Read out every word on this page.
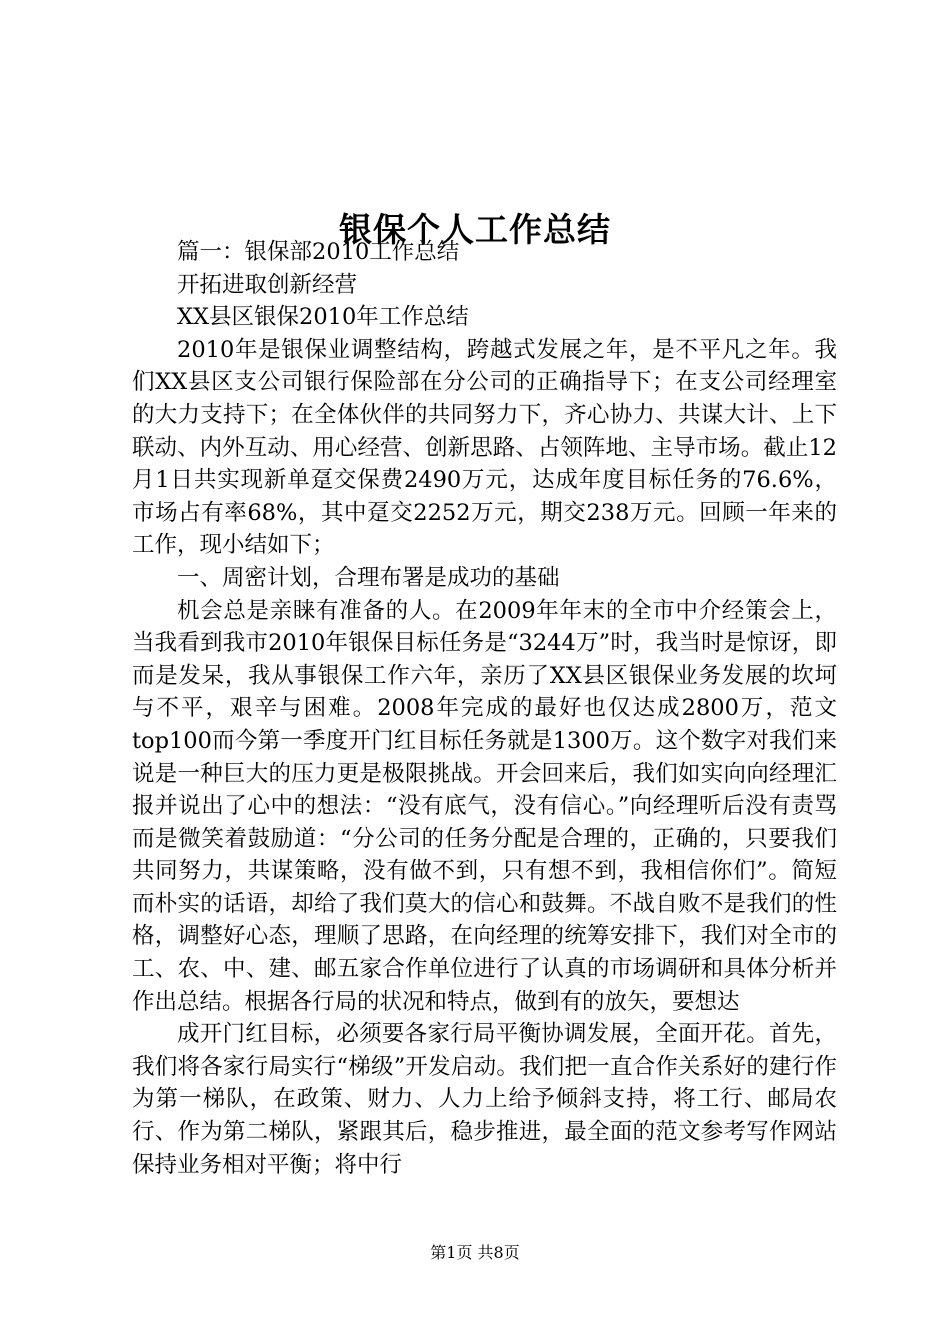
银保个人工作总结

篇一：银保部2010工作总结

开拓进取创新经营

XX县区银保2010年工作总结

2010年是银保业调整结构，跨越式发展之年，是不平凡之年。我们XX县区支公司银行保险部在分公司的正确指导下；在支公司经理室的大力支持下；在全体伙伴的共同努力下，齐心协力、共谋大计、上下联动、内外互动、用心经营、创新思路、占领阵地、主导市场。截止12月1日共实现新单趸交保费2490万元，达成年度目标任务的76.6%，市场占有率68%，其中趸交2252万元，期交238万元。回顾一年来的工作，现小结如下；

一、周密计划，合理布署是成功的基础

机会总是亲睐有准备的人。在2009年年末的全市中介经策会上，当我看到我市2010年银保目标任务是“3244万”时，我当时是惊讶，即而是发呆，我从事银保工作六年，亲历了XX县区银保业务发展的坎坷与不平，艰辛与困难。2008年完成的最好也仅达成2800万，范文top100而今第一季度开门红目标任务就是1300万。这个数字对我们来说是一种巨大的压力更是极限挑战。开会回来后，我们如实向向经理汇报并说出了心中的想法：“没有底气，没有信心。”向经理听后没有责骂而是微笑着鼓励道：“分公司的任务分配是合理的，正确的，只要我们共同努力，共谋策略，没有做不到，只有想不到，我相信你们”。简短而朴实的话语，却给了我们莫大的信心和鼓舞。不战自败不是我们的性格，调整好心态，理顺了思路，在向经理的统筹安排下，我们对全市的工、农、中、建、邮五家合作单位进行了认真的市场调研和具体分析并作出总结。根据各行局的状况和特点，做到有的放矢，要想达

成开门红目标，必须要各家行局平衡协调发展，全面开花。首先，我们将各家行局实行“梯级”开发启动。我们把一直合作关系好的建行作为第一梯队，在政策、财力、人力上给予倾斜支持，将工行、邮局农行、作为第二梯队，紧跟其后，稳步推进，最全面的范文参考写作网站保持业务相对平衡；将中行

第1页 共8页
